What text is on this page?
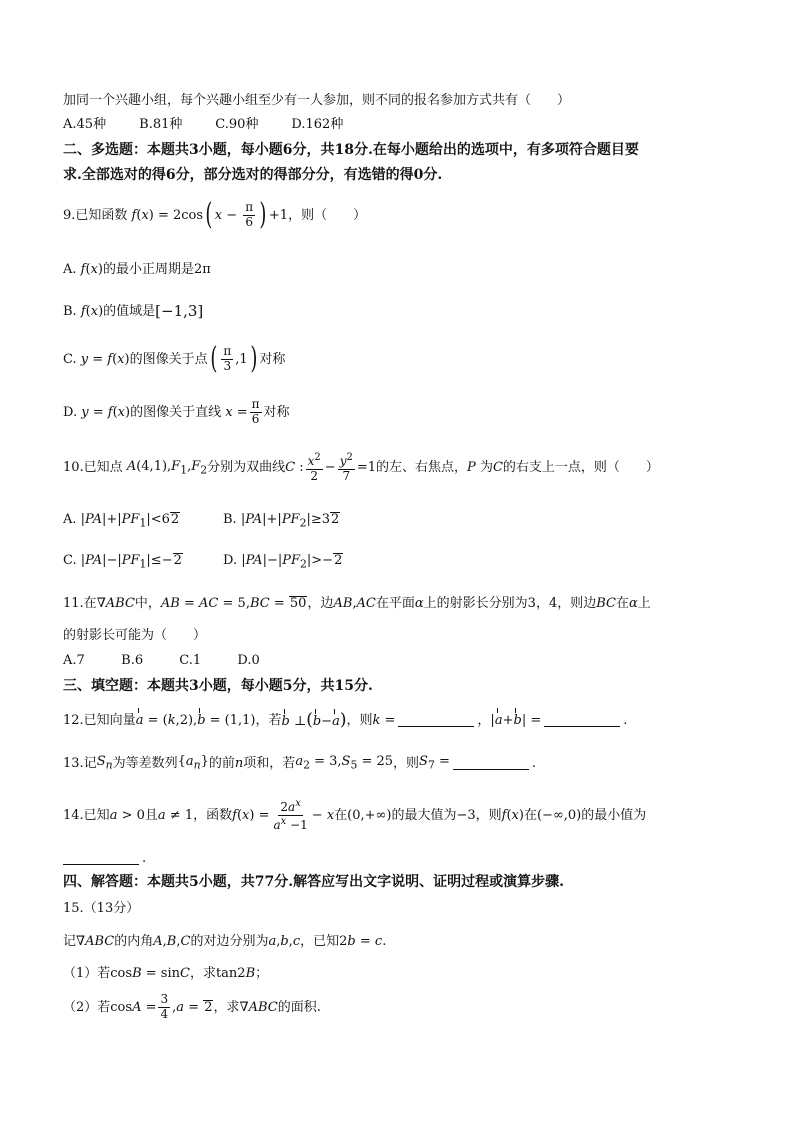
加同一个兴趣小组，每个兴趣小组至少有一人参加，则不同的报名参加方式共有（　　）
A.45种	B.81种	C.90种	D.162种
二、多选题：本题共3小题，每小题6分，共18分.在每小题给出的选项中，有多项符合题目要
求.全部选对的得6分，部分选对的得部分分，有选错的得0分.
9.已知函数 f(x) = 2cos ( $x - \frac{\pi}{6}$ ) +1 ，则（　　）
A. f(x) 的最小正周期是 2π
B. f(x) 的值域是 [−1,3]
C. y = f(x) 的图像关于点 ( $\frac{\pi}{3} ,1$ ) 对称
D. y = f(x) 的图像关于直线 $x = \frac{\pi}{6}$ 对称
10.已知点 $A(4,1),F_1,F_2$ 分别为双曲线 C : $\frac{x^2}{2} - \frac{y^2}{7} =1$ 的左、右焦点， P 为 C 的右支上一点，则（　　）
A. $|PA|+|PF_1|<62$	B. $|PA|+|PF_2|\ge 32$
C. $|PA|-|PF_1|\le-2$	D. $|PA|-|PF_2|>-2$
11.在 ∇ABC 中， AB = AC = 5,BC = 50 ，边 AB,AC 在平面 α 上的射影长分别为3，4，则边 BC 在 α 上
的射影长可能为（　　）
A.7	B.6	C.1	D.0
三、填空题：本题共3小题，每小题5分，共15分.
12.已知向量 a = (k,2),b = (1,1) ，若 b ⊥(b−a) ，则 k =	，|a+b| =	.
13.记 $S_n$ 为等差数列 $\{a_n\}$ 的前 n 项和，若 $a_2 = 3,S_5 = 25$ ，则 $S_7$ =	.
14.已知 a > 0 且 a ≠ 1 ，函数 $f(x) = \frac{2a^x}{a^x -1} - x$ 在 (0,+∞) 的最大值为 −3 ，则 f(x) 在 (−∞,0) 的最小值为
.
四、解答题：本题共5小题，共77分.解答应写出文字说明、证明过程或演算步骤.
15.（13分）
记 ∇ABC 的内角 A,B,C 的对边分别为 a,b,c ，已知 2b = c .
（1）若 cosB = sinC ，求 tan2B ；
（2）若 $\cos A = \frac{3}{4} ,a = 2$ ，求 ∇ABC 的面积.
